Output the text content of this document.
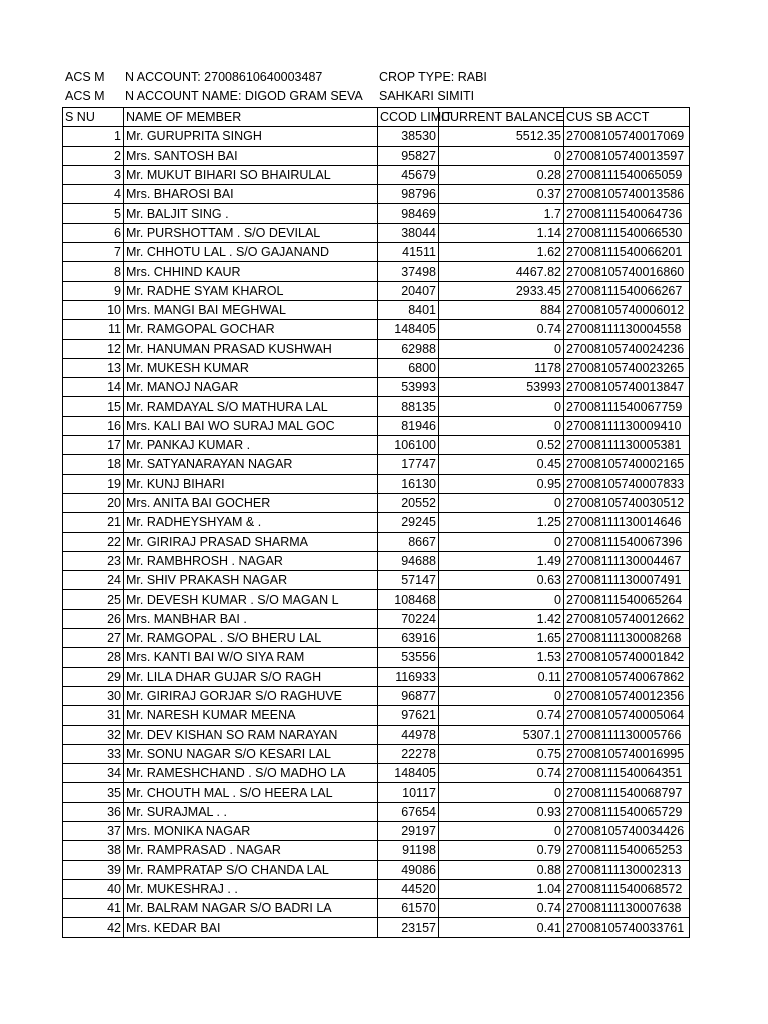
ACS M N ACCOUNT: 27008610640003487	CROP TYPE: RABI
ACS M N ACCOUNT NAME: DIGOD GRAM SEVA SAHKARI SIMITI
S NU	NAME OF MEMBER	CCOD LIMIT	CURRENT BALANCE	CUS SB ACCT
1	Mr. GURUPRITA SINGH	38530	5512.35	27008105740017069
2	Mrs. SANTOSH BAI	95827	0	27008105740013597
3	Mr. MUKUT BIHARI SO BHAIRULAL	45679	0.28	27008111540065059
4	Mrs. BHAROSI BAI	98796	0.37	27008105740013586
5	Mr. BALJIT SING .	98469	1.7	27008111540064736
6	Mr. PURSHOTTAM . S/O DEVILAL	38044	1.14	27008111540066530
7	Mr. CHHOTU LAL . S/O GAJANAND	41511	1.62	27008111540066201
8	Mrs. CHHIND KAUR	37498	4467.82	27008105740016860
9	Mr. RADHE SYAM KHAROL	20407	2933.45	27008111540066267
10	Mrs. MANGI BAI MEGHWAL	8401	884	27008105740006012
11	Mr. RAMGOPAL GOCHAR	148405	0.74	27008111130004558
12	Mr. HANUMAN PRASAD KUSHWAH	62988	0	27008105740024236
13	Mr. MUKESH KUMAR	6800	1178	27008105740023265
14	Mr. MANOJ NAGAR	53993	53993	27008105740013847
15	Mr. RAMDAYAL S/O MATHURA LAL	88135	0	27008111540067759
16	Mrs. KALI BAI WO SURAJ MAL GOC	81946	0	27008111130009410
17	Mr. PANKAJ KUMAR .	106100	0.52	27008111130005381
18	Mr. SATYANARAYAN NAGAR	17747	0.45	27008105740002165
19	Mr. KUNJ BIHARI	16130	0.95	27008105740007833
20	Mrs. ANITA BAI GOCHER	20552	0	27008105740030512
21	Mr. RADHEYSHYAM & .	29245	1.25	27008111130014646
22	Mr. GIRIRAJ PRASAD SHARMA	8667	0	27008111540067396
23	Mr. RAMBHROSH . NAGAR	94688	1.49	27008111130004467
24	Mr. SHIV PRAKASH NAGAR	57147	0.63	27008111130007491
25	Mr. DEVESH KUMAR . S/O MAGAN L	108468	0	27008111540065264
26	Mrs. MANBHAR BAI .	70224	1.42	27008105740012662
27	Mr. RAMGOPAL . S/O BHERU LAL	63916	1.65	27008111130008268
28	Mrs. KANTI BAI W/O SIYA RAM	53556	1.53	27008105740001842
29	Mr. LILA DHAR GUJAR S/O RAGH	116933	0.11	27008105740067862
30	Mr. GIRIRAJ GORJAR S/O RAGHUVE	96877	0	27008105740012356
31	Mr. NARESH KUMAR MEENA	97621	0.74	27008105740005064
32	Mr. DEV KISHAN SO RAM NARAYAN	44978	5307.1	27008111130005766
33	Mr. SONU NAGAR S/O KESARI LAL	22278	0.75	27008105740016995
34	Mr. RAMESHCHAND . S/O MADHO LA	148405	0.74	27008111540064351
35	Mr. CHOUTH MAL . S/O HEERA LAL	10117	0	27008111540068797
36	Mr. SURAJMAL . .	67654	0.93	27008111540065729
37	Mrs. MONIKA NAGAR	29197	0	27008105740034426
38	Mr. RAMPRASAD . NAGAR	91198	0.79	27008111540065253
39	Mr. RAMPRATAP S/O CHANDA LAL	49086	0.88	27008111130002313
40	Mr. MUKESHRAJ . .	44520	1.04	27008111540068572
41	Mr. BALRAM NAGAR S/O BADRI LA	61570	0.74	27008111130007638
42	Mrs. KEDAR BAI	23157	0.41	27008105740033761
